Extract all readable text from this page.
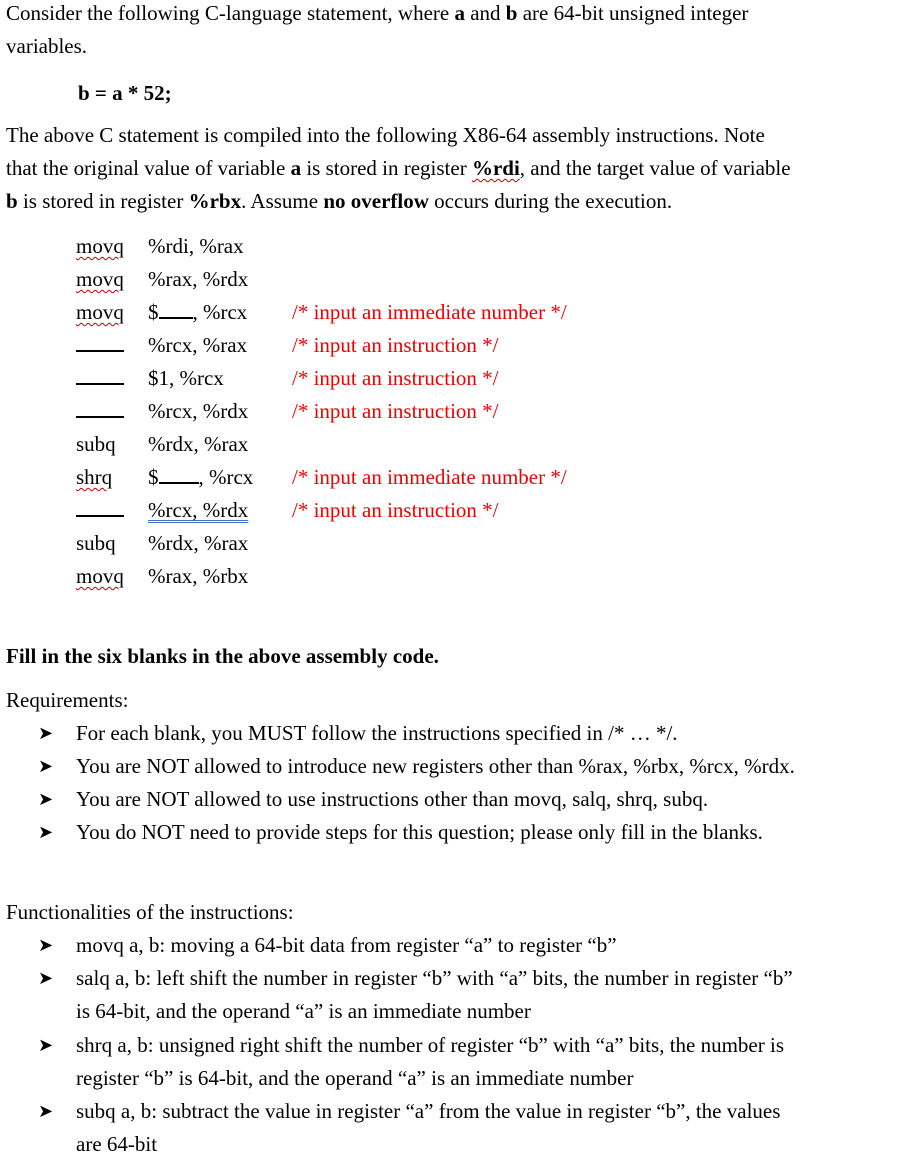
Consider the following C-language statement, where a and b are 64-bit unsigned integer
variables.
b = a * 52;
The above C statement is compiled into the following X86-64 assembly instructions. Note
that the original value of variable a is stored in register %rdi, and the target value of variable
b is stored in register %rbx. Assume no overflow occurs during the execution.
movq %rdi, %rax
movq %rax, %rdx
movq $ , %rcx /* input an immediate number */
%rcx, %rax /* input an instruction */
$1, %rcx	/* input an instruction */
%rcx, %rdx /* input an instruction */
subq %rdx, %rax
shrq $ , %rcx /* input an immediate number */
%rcx, %rdx /* input an instruction */
subq %rdx, %rax
movq %rax, %rbx
Fill in the six blanks in the above assembly code.
Requirements:
➤ For each blank, you MUST follow the instructions specified in /* … */.
➤ You are NOT allowed to introduce new registers other than %rax, %rbx, %rcx, %rdx.
➤ You are NOT allowed to use instructions other than movq, salq, shrq, subq.
➤ You do NOT need to provide steps for this question; please only fill in the blanks.
Functionalities of the instructions:
➤ movq a, b: moving a 64-bit data from register “a” to register “b”
➤ salq a, b: left shift the number in register “b” with “a” bits, the number in register “b”
is 64-bit, and the operand “a” is an immediate number
➤ shrq a, b: unsigned right shift the number of register “b” with “a” bits, the number is
register “b” is 64-bit, and the operand “a” is an immediate number
➤ subq a, b: subtract the value in register “a” from the value in register “b”, the values
are 64-bit
